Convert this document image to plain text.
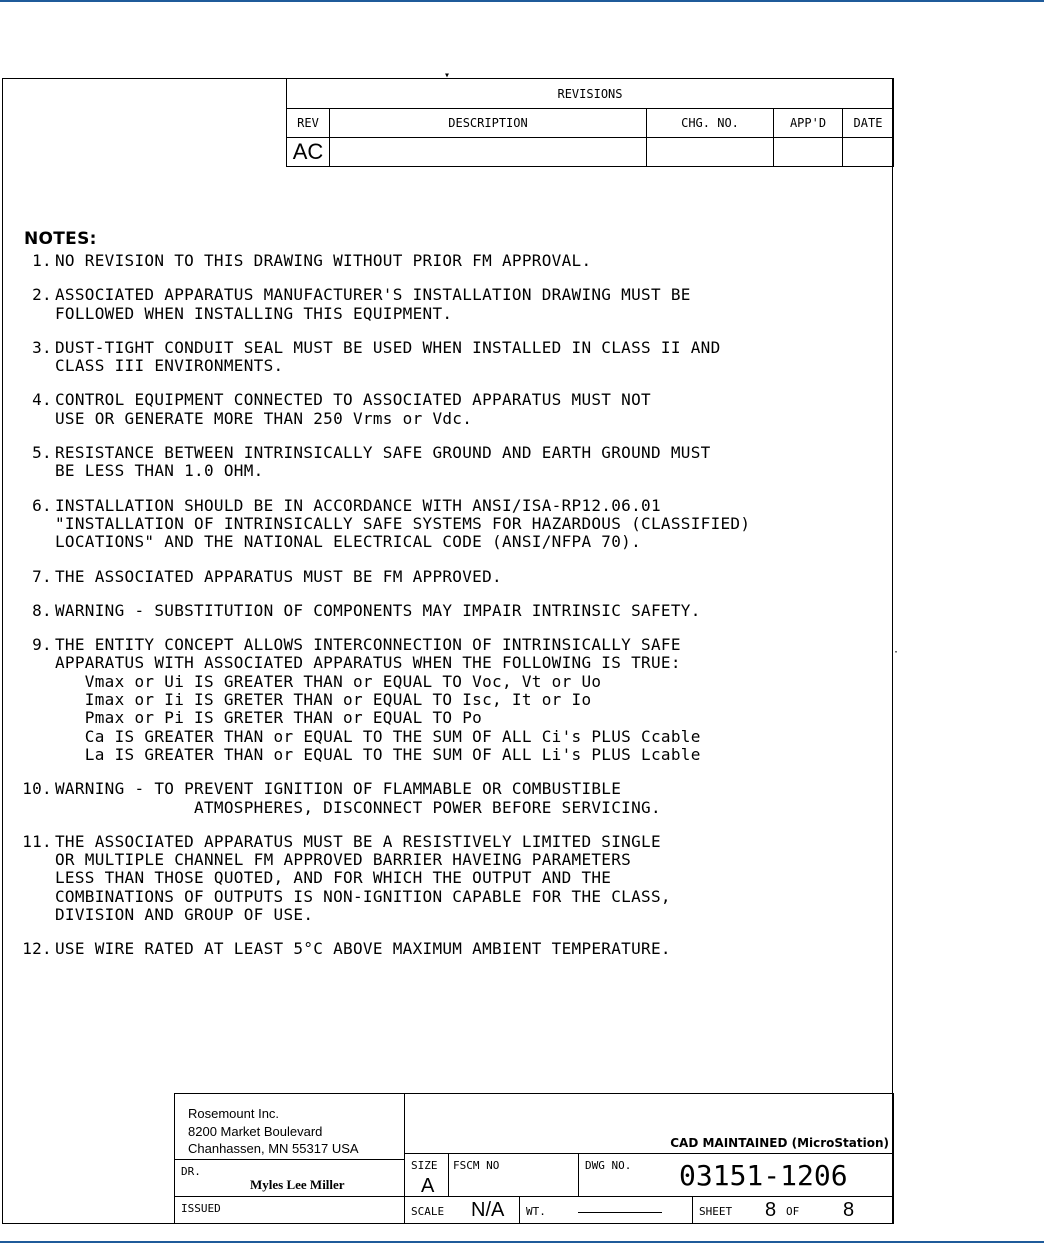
▾
·
REVISIONS				
REV	DESCRIPTION	CHG. NO.	APP'D	DATE
AC				
NOTES:
1. NO REVISION TO THIS DRAWING WITHOUT PRIOR FM APPROVAL.
2. ASSOCIATED APPARATUS MANUFACTURER'S INSTALLATION DRAWING MUST BE
FOLLOWED WHEN INSTALLING THIS EQUIPMENT.
3. DUST-TIGHT CONDUIT SEAL MUST BE USED WHEN INSTALLED IN CLASS II AND
CLASS III ENVIRONMENTS.
4. CONTROL EQUIPMENT CONNECTED TO ASSOCIATED APPARATUS MUST NOT
USE OR GENERATE MORE THAN 250 Vrms or Vdc.
5. RESISTANCE BETWEEN INTRINSICALLY SAFE GROUND AND EARTH GROUND MUST
BE LESS THAN 1.0 OHM.
6. INSTALLATION SHOULD BE IN ACCORDANCE WITH ANSI/ISA-RP12.06.01
"INSTALLATION OF INTRINSICALLY SAFE SYSTEMS FOR HAZARDOUS (CLASSIFIED)
LOCATIONS" AND THE NATIONAL ELECTRICAL CODE (ANSI/NFPA 70).
7. THE ASSOCIATED APPARATUS MUST BE FM APPROVED.
8. WARNING - SUBSTITUTION OF COMPONENTS MAY IMPAIR INTRINSIC SAFETY.
9. THE ENTITY CONCEPT ALLOWS INTERCONNECTION OF INTRINSICALLY SAFE
APPARATUS WITH ASSOCIATED APPARATUS WHEN THE FOLLOWING IS TRUE:
Vmax or Ui IS GREATER THAN or EQUAL TO Voc, Vt or Uo
Imax or Ii IS GRETER THAN or EQUAL TO Isc, It or Io
Pmax or Pi IS GRETER THAN or EQUAL TO Po
Ca IS GREATER THAN or EQUAL TO THE SUM OF ALL Ci's PLUS Ccable
La IS GREATER THAN or EQUAL TO THE SUM OF ALL Li's PLUS Lcable
10. WARNING - TO PREVENT IGNITION OF FLAMMABLE OR COMBUSTIBLE
ATMOSPHERES, DISCONNECT POWER BEFORE SERVICING.
11. THE ASSOCIATED APPARATUS MUST BE A RESISTIVELY LIMITED SINGLE
OR MULTIPLE CHANNEL FM APPROVED BARRIER HAVEING PARAMETERS
LESS THAN THOSE QUOTED, AND FOR WHICH THE OUTPUT AND THE
COMBINATIONS OF OUTPUTS IS NON-IGNITION CAPABLE FOR THE CLASS,
DIVISION AND GROUP OF USE.
12. USE WIRE RATED AT LEAST 5°C ABOVE MAXIMUM AMBIENT TEMPERATURE.
Rosemount Inc.
8200 Market Boulevard
Chanhassen, MN 55317 USA
DR.
Myles Lee Miller
ISSUED
CAD MAINTAINED (MicroStation)
SIZE
A
FSCM NO	DWG NO. 03151-1206
SCALE N/A WT.	SHEET 8 OF 8
